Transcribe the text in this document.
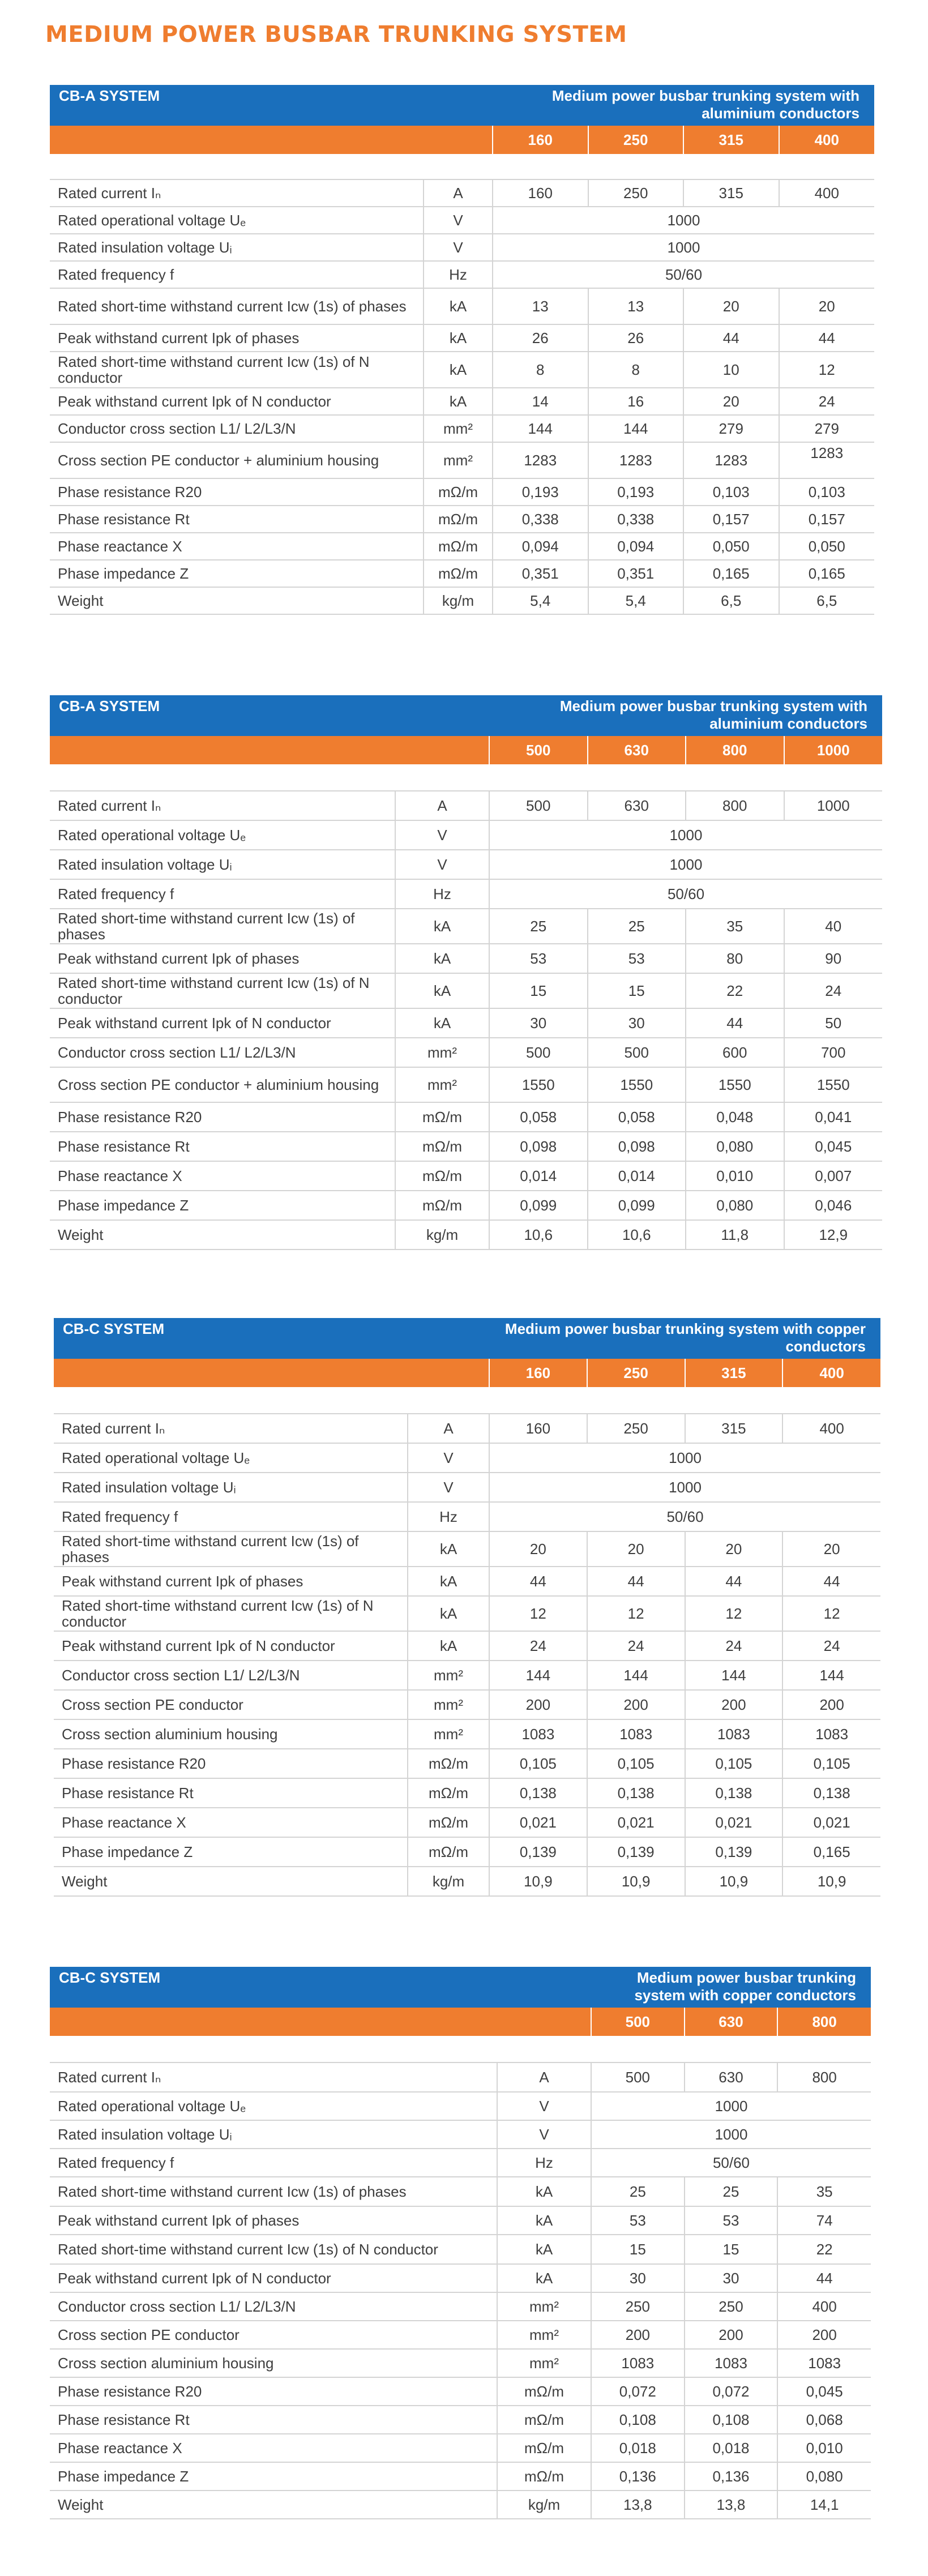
MEDIUM POWER BUSBAR TRUNKING SYSTEM
CB-A SYSTEM		Medium power busbar trunking system with aluminium conductors			
		160	250	315	400

Rated current Iₙ	A	160	250	315	400
Rated operational voltage Uₑ	V	1000			
Rated insulation voltage Uᵢ	V	1000			
Rated frequency f	Hz	50/60			
Rated short-time withstand current Icw (1s) of phases	kA	13	13	20	20
Peak withstand current Ipk of phases	kA	26	26	44	44
Rated short-time withstand current Icw (1s) of N conductor	kA	8	8	10	12
Peak withstand current Ipk of N conductor	kA	14	16	20	24
Conductor cross section L1/ L2/L3/N	mm²	144	144	279	279
Cross section PE conductor + aluminium housing	mm²	1283	1283	1283	1283
Phase resistance R20	mΩ/m	0,193	0,193	0,103	0,103
Phase resistance Rt	mΩ/m	0,338	0,338	0,157	0,157
Phase reactance X	mΩ/m	0,094	0,094	0,050	0,050
Phase impedance Z	mΩ/m	0,351	0,351	0,165	0,165
Weight	kg/m	5,4	5,4	6,5	6,5
CB-A SYSTEM		Medium power busbar trunking system with aluminium conductors			
		500	630	800	1000

Rated current Iₙ	A	500	630	800	1000
Rated operational voltage Uₑ	V	1000			
Rated insulation voltage Uᵢ	V	1000			
Rated frequency f	Hz	50/60			
Rated short-time withstand current Icw (1s) of phases	kA	25	25	35	40
Peak withstand current Ipk of phases	kA	53	53	80	90
Rated short-time withstand current Icw (1s) of N conductor	kA	15	15	22	24
Peak withstand current Ipk of N conductor	kA	30	30	44	50
Conductor cross section L1/ L2/L3/N	mm²	500	500	600	700
Cross section PE conductor + aluminium housing	mm²	1550	1550	1550	1550
Phase resistance R20	mΩ/m	0,058	0,058	0,048	0,041
Phase resistance Rt	mΩ/m	0,098	0,098	0,080	0,045
Phase reactance X	mΩ/m	0,014	0,014	0,010	0,007
Phase impedance Z	mΩ/m	0,099	0,099	0,080	0,046
Weight	kg/m	10,6	10,6	11,8	12,9
CB-C SYSTEM		Medium power busbar trunking system with copper conductors			
		160	250	315	400

Rated current Iₙ	A	160	250	315	400
Rated operational voltage Uₑ	V	1000			
Rated insulation voltage Uᵢ	V	1000			
Rated frequency f	Hz	50/60			
Rated short-time withstand current Icw (1s) of phases	kA	20	20	20	20
Peak withstand current Ipk of phases	kA	44	44	44	44
Rated short-time withstand current Icw (1s) of N conductor	kA	12	12	12	12
Peak withstand current Ipk of N conductor	kA	24	24	24	24
Conductor cross section L1/ L2/L3/N	mm²	144	144	144	144
Cross section PE conductor	mm²	200	200	200	200
Cross section aluminium housing	mm²	1083	1083	1083	1083
Phase resistance R20	mΩ/m	0,105	0,105	0,105	0,105
Phase resistance Rt	mΩ/m	0,138	0,138	0,138	0,138
Phase reactance X	mΩ/m	0,021	0,021	0,021	0,021
Phase impedance Z	mΩ/m	0,139	0,139	0,139	0,165
Weight	kg/m	10,9	10,9	10,9	10,9
CB-C SYSTEM		Medium power busbar trunking system with copper conductors		
		500	630	800

Rated current Iₙ	A	500	630	800
Rated operational voltage Uₑ	V	1000		
Rated insulation voltage Uᵢ	V	1000		
Rated frequency f	Hz	50/60		
Rated short-time withstand current Icw (1s) of phases	kA	25	25	35
Peak withstand current Ipk of phases	kA	53	53	74
Rated short-time withstand current Icw (1s) of N conductor	kA	15	15	22
Peak withstand current Ipk of N conductor	kA	30	30	44
Conductor cross section L1/ L2/L3/N	mm²	250	250	400
Cross section PE conductor	mm²	200	200	200
Cross section aluminium housing	mm²	1083	1083	1083
Phase resistance R20	mΩ/m	0,072	0,072	0,045
Phase resistance Rt	mΩ/m	0,108	0,108	0,068
Phase reactance X	mΩ/m	0,018	0,018	0,010
Phase impedance Z	mΩ/m	0,136	0,136	0,080
Weight	kg/m	13,8	13,8	14,1
